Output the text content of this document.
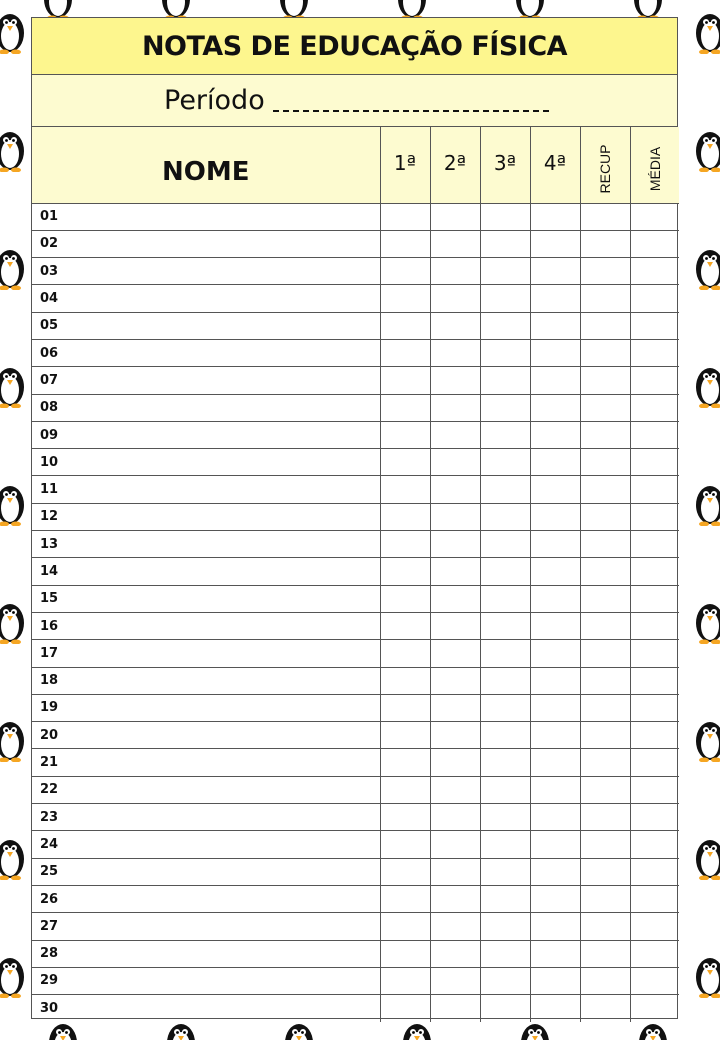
NOTAS DE EDUCAÇÃO FÍSICA
Período
NOME	1ª	2ª	3ª	4ª	RECUP	MÉDIA

01						
02						
03						
04						
05						
06						
07						
08						
09						
10						
11						
12						
13						
14						
15						
16						
17						
18						
19						
20						
21						
22						
23						
24						
25						
26						
27						
28						
29						
30						
